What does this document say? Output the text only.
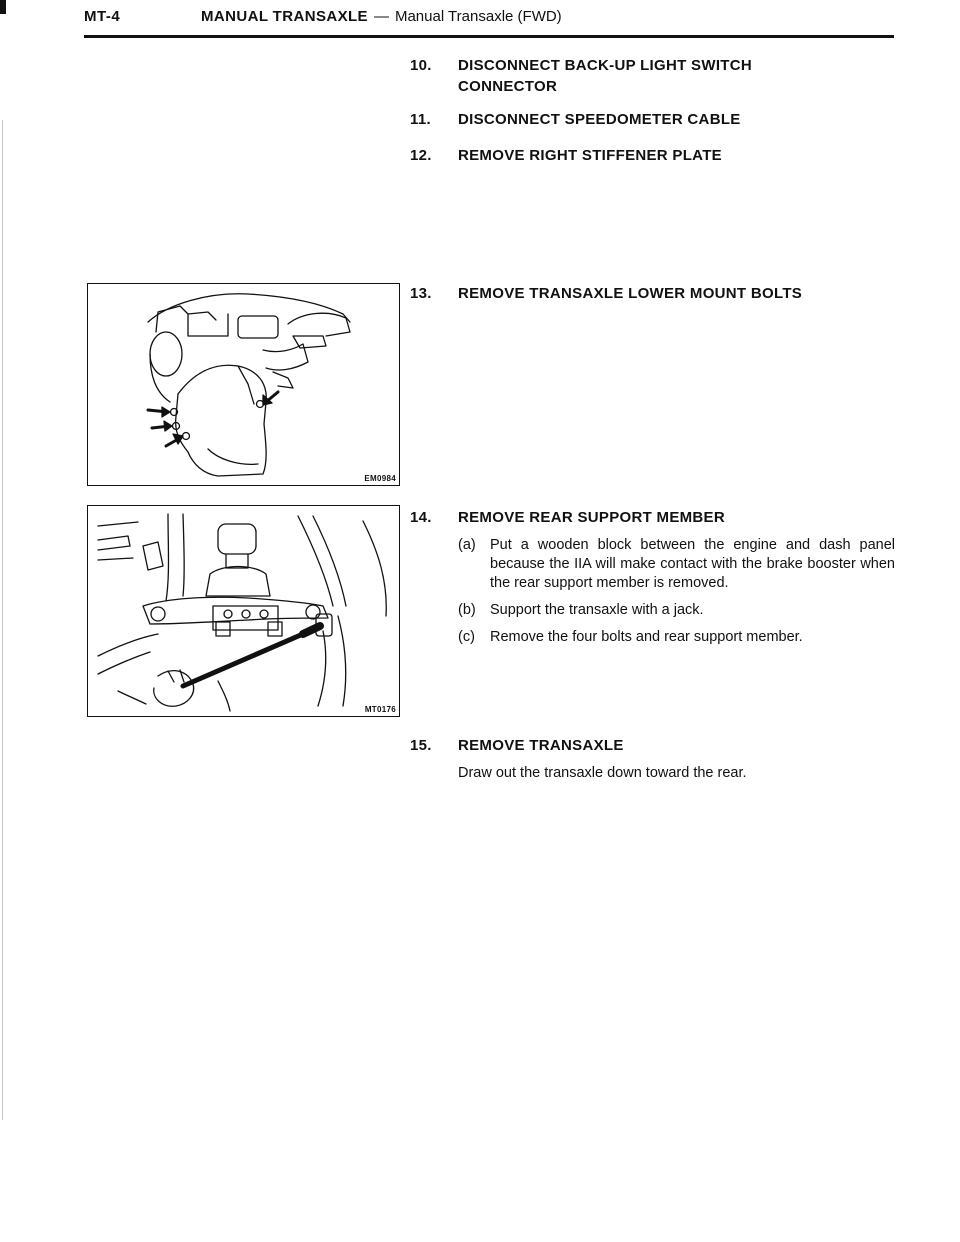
MT-4	MANUAL TRANSAXLE — Manual Transaxle (FWD)
10.	DISCONNECT BACK-UP LIGHT SWITCH CONNECTOR
11.	DISCONNECT SPEEDOMETER CABLE
12.	REMOVE RIGHT STIFFENER PLATE
13.	REMOVE TRANSAXLE LOWER MOUNT BOLTS
14.	REMOVE REAR SUPPORT MEMBER
(a) Put a wooden block between the engine and dash panel because the IIA will make contact with the brake booster when the rear support member is removed.
(b) Support the transaxle with a jack.
(c)	Remove the four bolts and rear support member.
15.	REMOVE TRANSAXLE
Draw out the transaxle down toward the rear.
EM0984
MT0176
